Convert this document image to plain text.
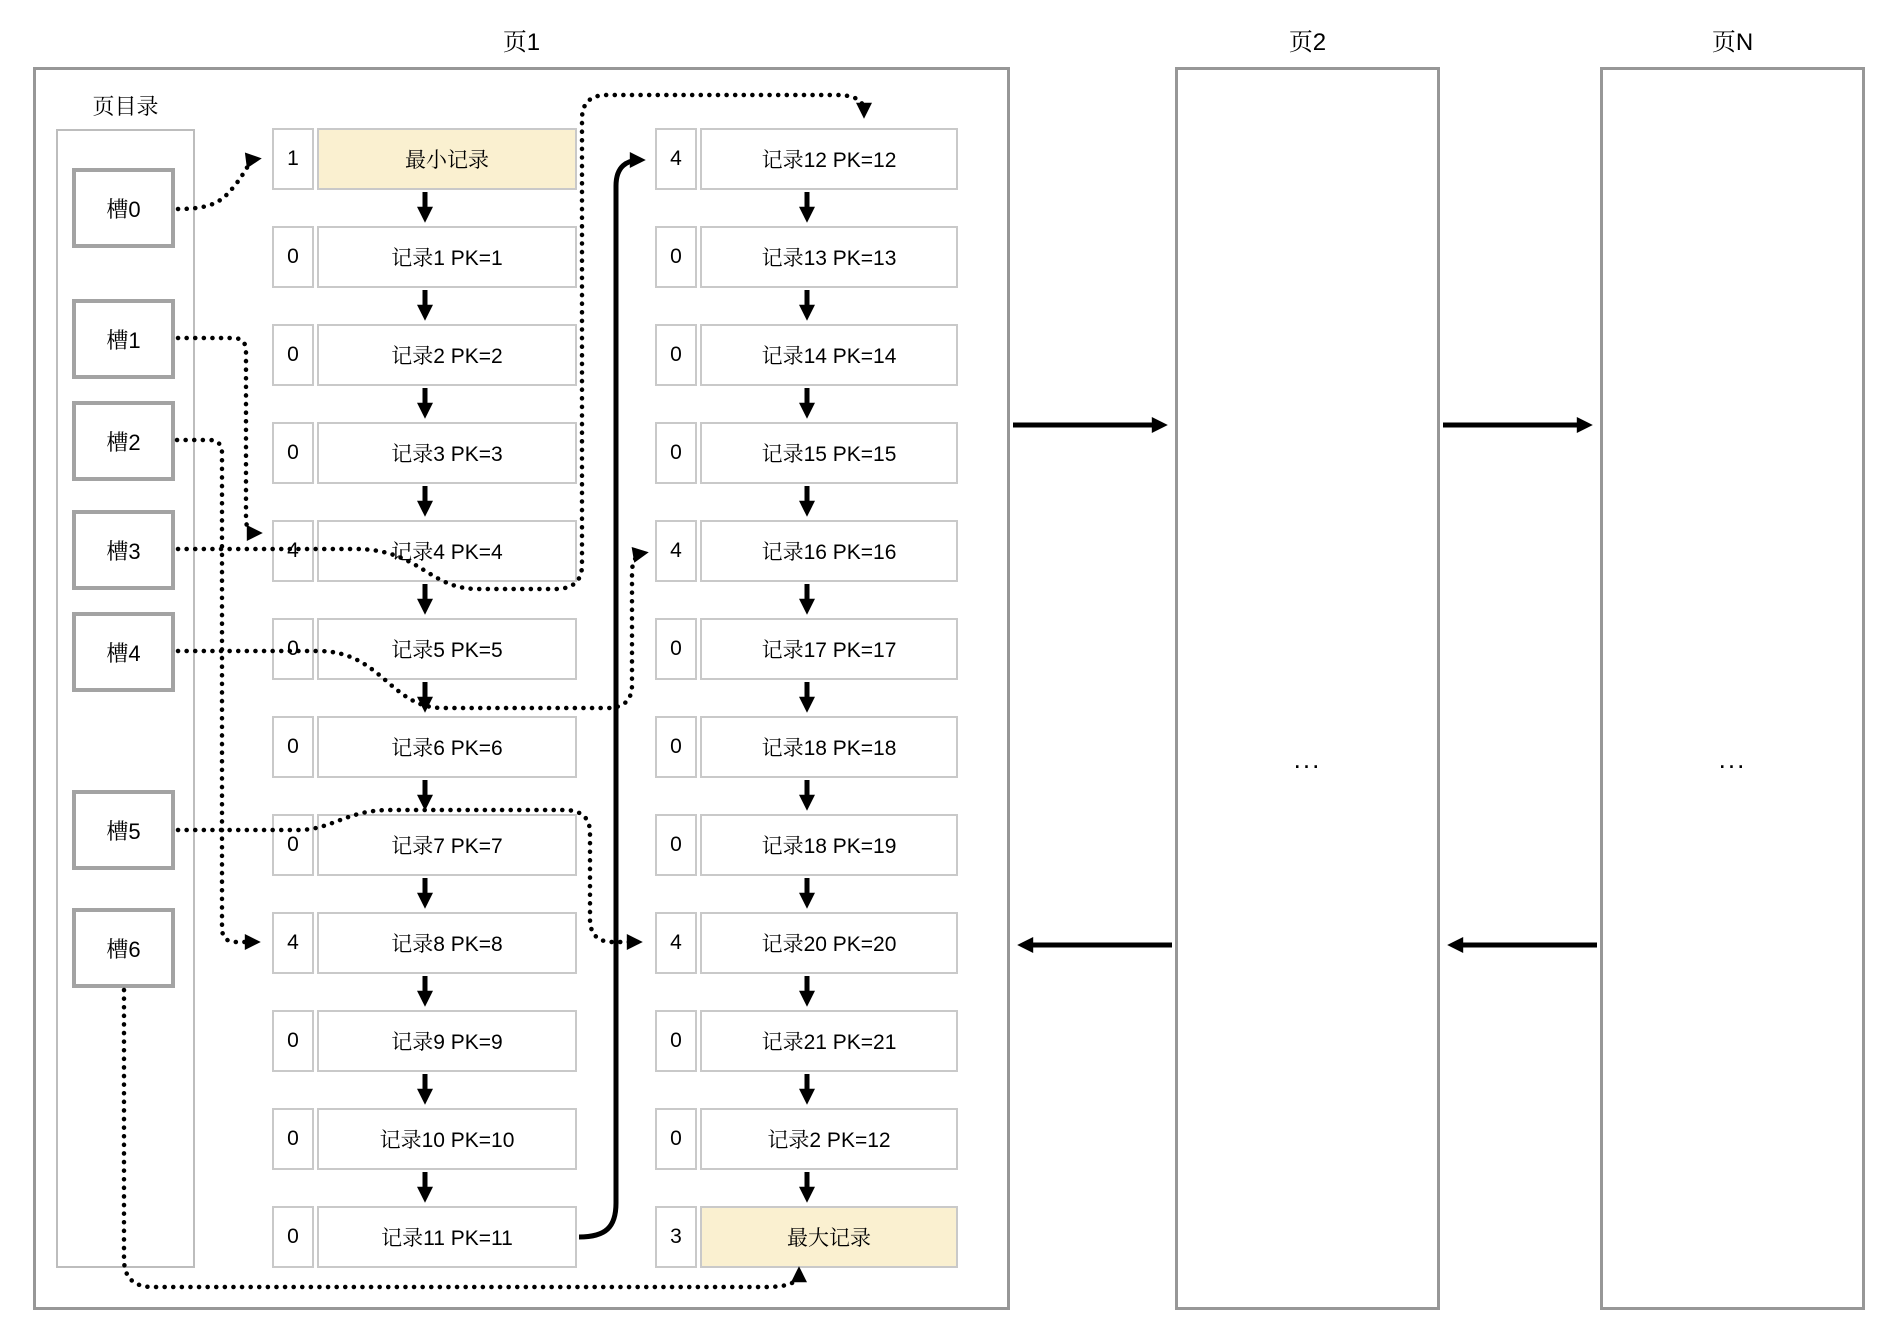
页1
页目录
槽0
槽1
槽2
槽3
槽4
槽5
槽6
1	最小记录
0	记录1 PK=1
0	记录2 PK=2
0	记录3 PK=3
4	记录4 PK=4
0	记录5 PK=5
0	记录6 PK=6
0	记录7 PK=7
4	记录8 PK=8
0	记录9 PK=9
0	记录10 PK=10
0	记录11 PK=11
4	记录12 PK=12
0	记录13 PK=13
0	记录14 PK=14
0	记录15 PK=15
4	记录16 PK=16
0	记录17 PK=17
0	记录18 PK=18
0	记录18 PK=19
4	记录20 PK=20
0	记录21 PK=21
0	记录2 PK=12
3	最大记录
页2
...
页N
...
